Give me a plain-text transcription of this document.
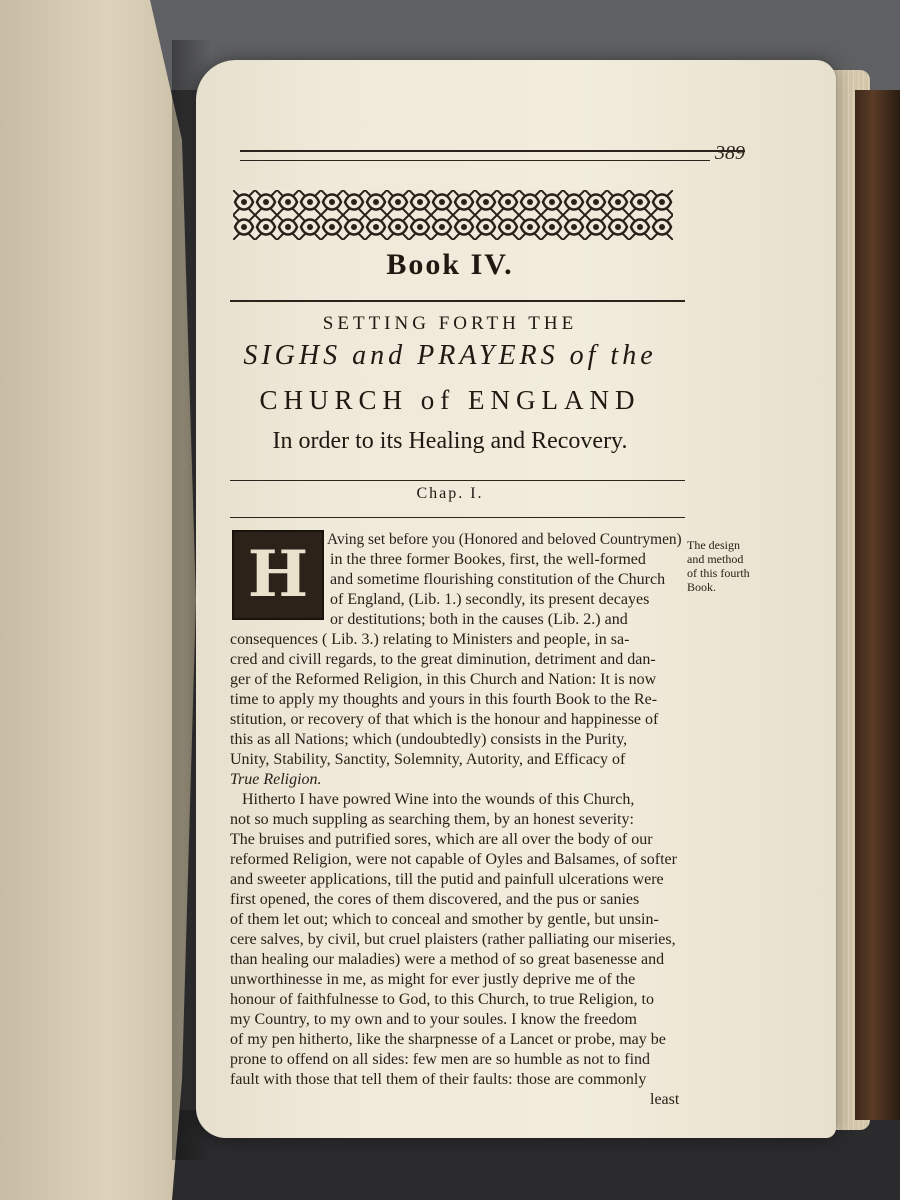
389
Book IV.
SETTING FORTH THE
SIGHS and PRAYERS of the
CHURCH of ENGLAND
In order to its Healing and Recovery.
Chap. I.
H	The design
and method
of this fourth
Book.
Aving set before you (Honored and beloved Countrymen)
in the three former Bookes, first, the well-formed
and sometime flourishing constitution of the Church
of England, (Lib. 1.) secondly, its present decayes
or destitutions; both in the causes (Lib. 2.) and
consequences ( Lib. 3.) relating to Ministers and people, in sa-
cred and civill regards, to the great diminution, detriment and dan-
ger of the Reformed Religion, in this Church and Nation: It is now
time to apply my thoughts and yours in this fourth Book to the Re-
stitution, or recovery of that which is the honour and happinesse of
this as all Nations; which (undoubtedly) consists in the Purity,
Unity, Stability, Sanctity, Solemnity, Autority, and Efficacy of
True Religion.
Hitherto I have powred Wine into the wounds of this Church,
not so much suppling as searching them, by an honest severity:
The bruises and putrified sores, which are all over the body of our
reformed Religion, were not capable of Oyles and Balsames, of softer
and sweeter applications, till the putid and painfull ulcerations were
first opened, the cores of them discovered, and the pus or sanies
of them let out; which to conceal and smother by gentle, but unsin-
cere salves, by civil, but cruel plaisters (rather palliating our miseries,
than healing our maladies) were a method of so great basenesse and
unworthinesse in me, as might for ever justly deprive me of the
honour of faithfulnesse to God, to this Church, to true Religion, to
my Country, to my own and to your soules. I know the freedom
of my pen hitherto, like the sharpnesse of a Lancet or probe, may be
prone to offend on all sides: few men are so humble as not to find
fault with those that tell them of their faults: those are commonly
least
